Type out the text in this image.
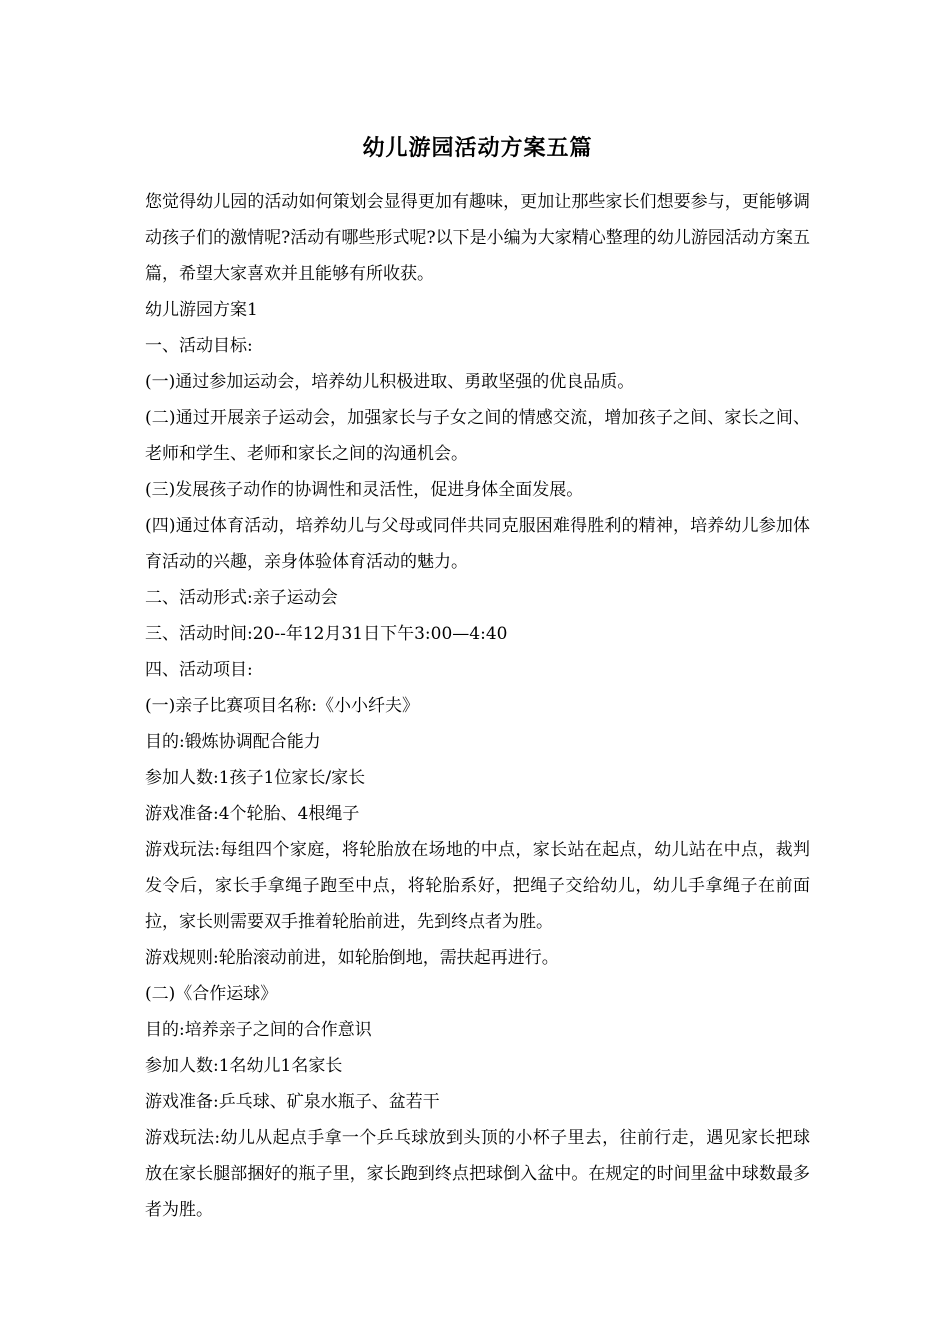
幼儿游园活动方案五篇

您觉得幼儿园的活动如何策划会显得更加有趣味，更加让那些家长们想要参与，更能够调动孩子们的激情呢?活动有哪些形式呢?以下是小编为大家精心整理的幼儿游园活动方案五篇，希望大家喜欢并且能够有所收获。

幼儿游园方案1

一、活动目标:

(一)通过参加运动会，培养幼儿积极进取、勇敢坚强的优良品质。

(二)通过开展亲子运动会，加强家长与子女之间的情感交流，增加孩子之间、家长之间、老师和学生、老师和家长之间的沟通机会。

(三)发展孩子动作的协调性和灵活性，促进身体全面发展。

(四)通过体育活动，培养幼儿与父母或同伴共同克服困难得胜利的精神，培养幼儿参加体育活动的兴趣，亲身体验体育活动的魅力。

二、活动形式:亲子运动会

三、活动时间:20--年12月31日下午3:00—4:40

四、活动项目:

(一)亲子比赛项目名称:《小小纤夫》

目的:锻炼协调配合能力

参加人数:1孩子1位家长/家长

游戏准备:4个轮胎、4根绳子

游戏玩法:每组四个家庭，将轮胎放在场地的中点，家长站在起点，幼儿站在中点，裁判发令后，家长手拿绳子跑至中点，将轮胎系好，把绳子交给幼儿，幼儿手拿绳子在前面拉，家长则需要双手推着轮胎前进，先到终点者为胜。

游戏规则:轮胎滚动前进，如轮胎倒地，需扶起再进行。

(二)《合作运球》

目的:培养亲子之间的合作意识

参加人数:1名幼儿1名家长

游戏准备:乒乓球、矿泉水瓶子、盆若干

游戏玩法:幼儿从起点手拿一个乒乓球放到头顶的小杯子里去，往前行走，遇见家长把球放在家长腿部捆好的瓶子里，家长跑到终点把球倒入盆中。在规定的时间里盆中球数最多者为胜。
